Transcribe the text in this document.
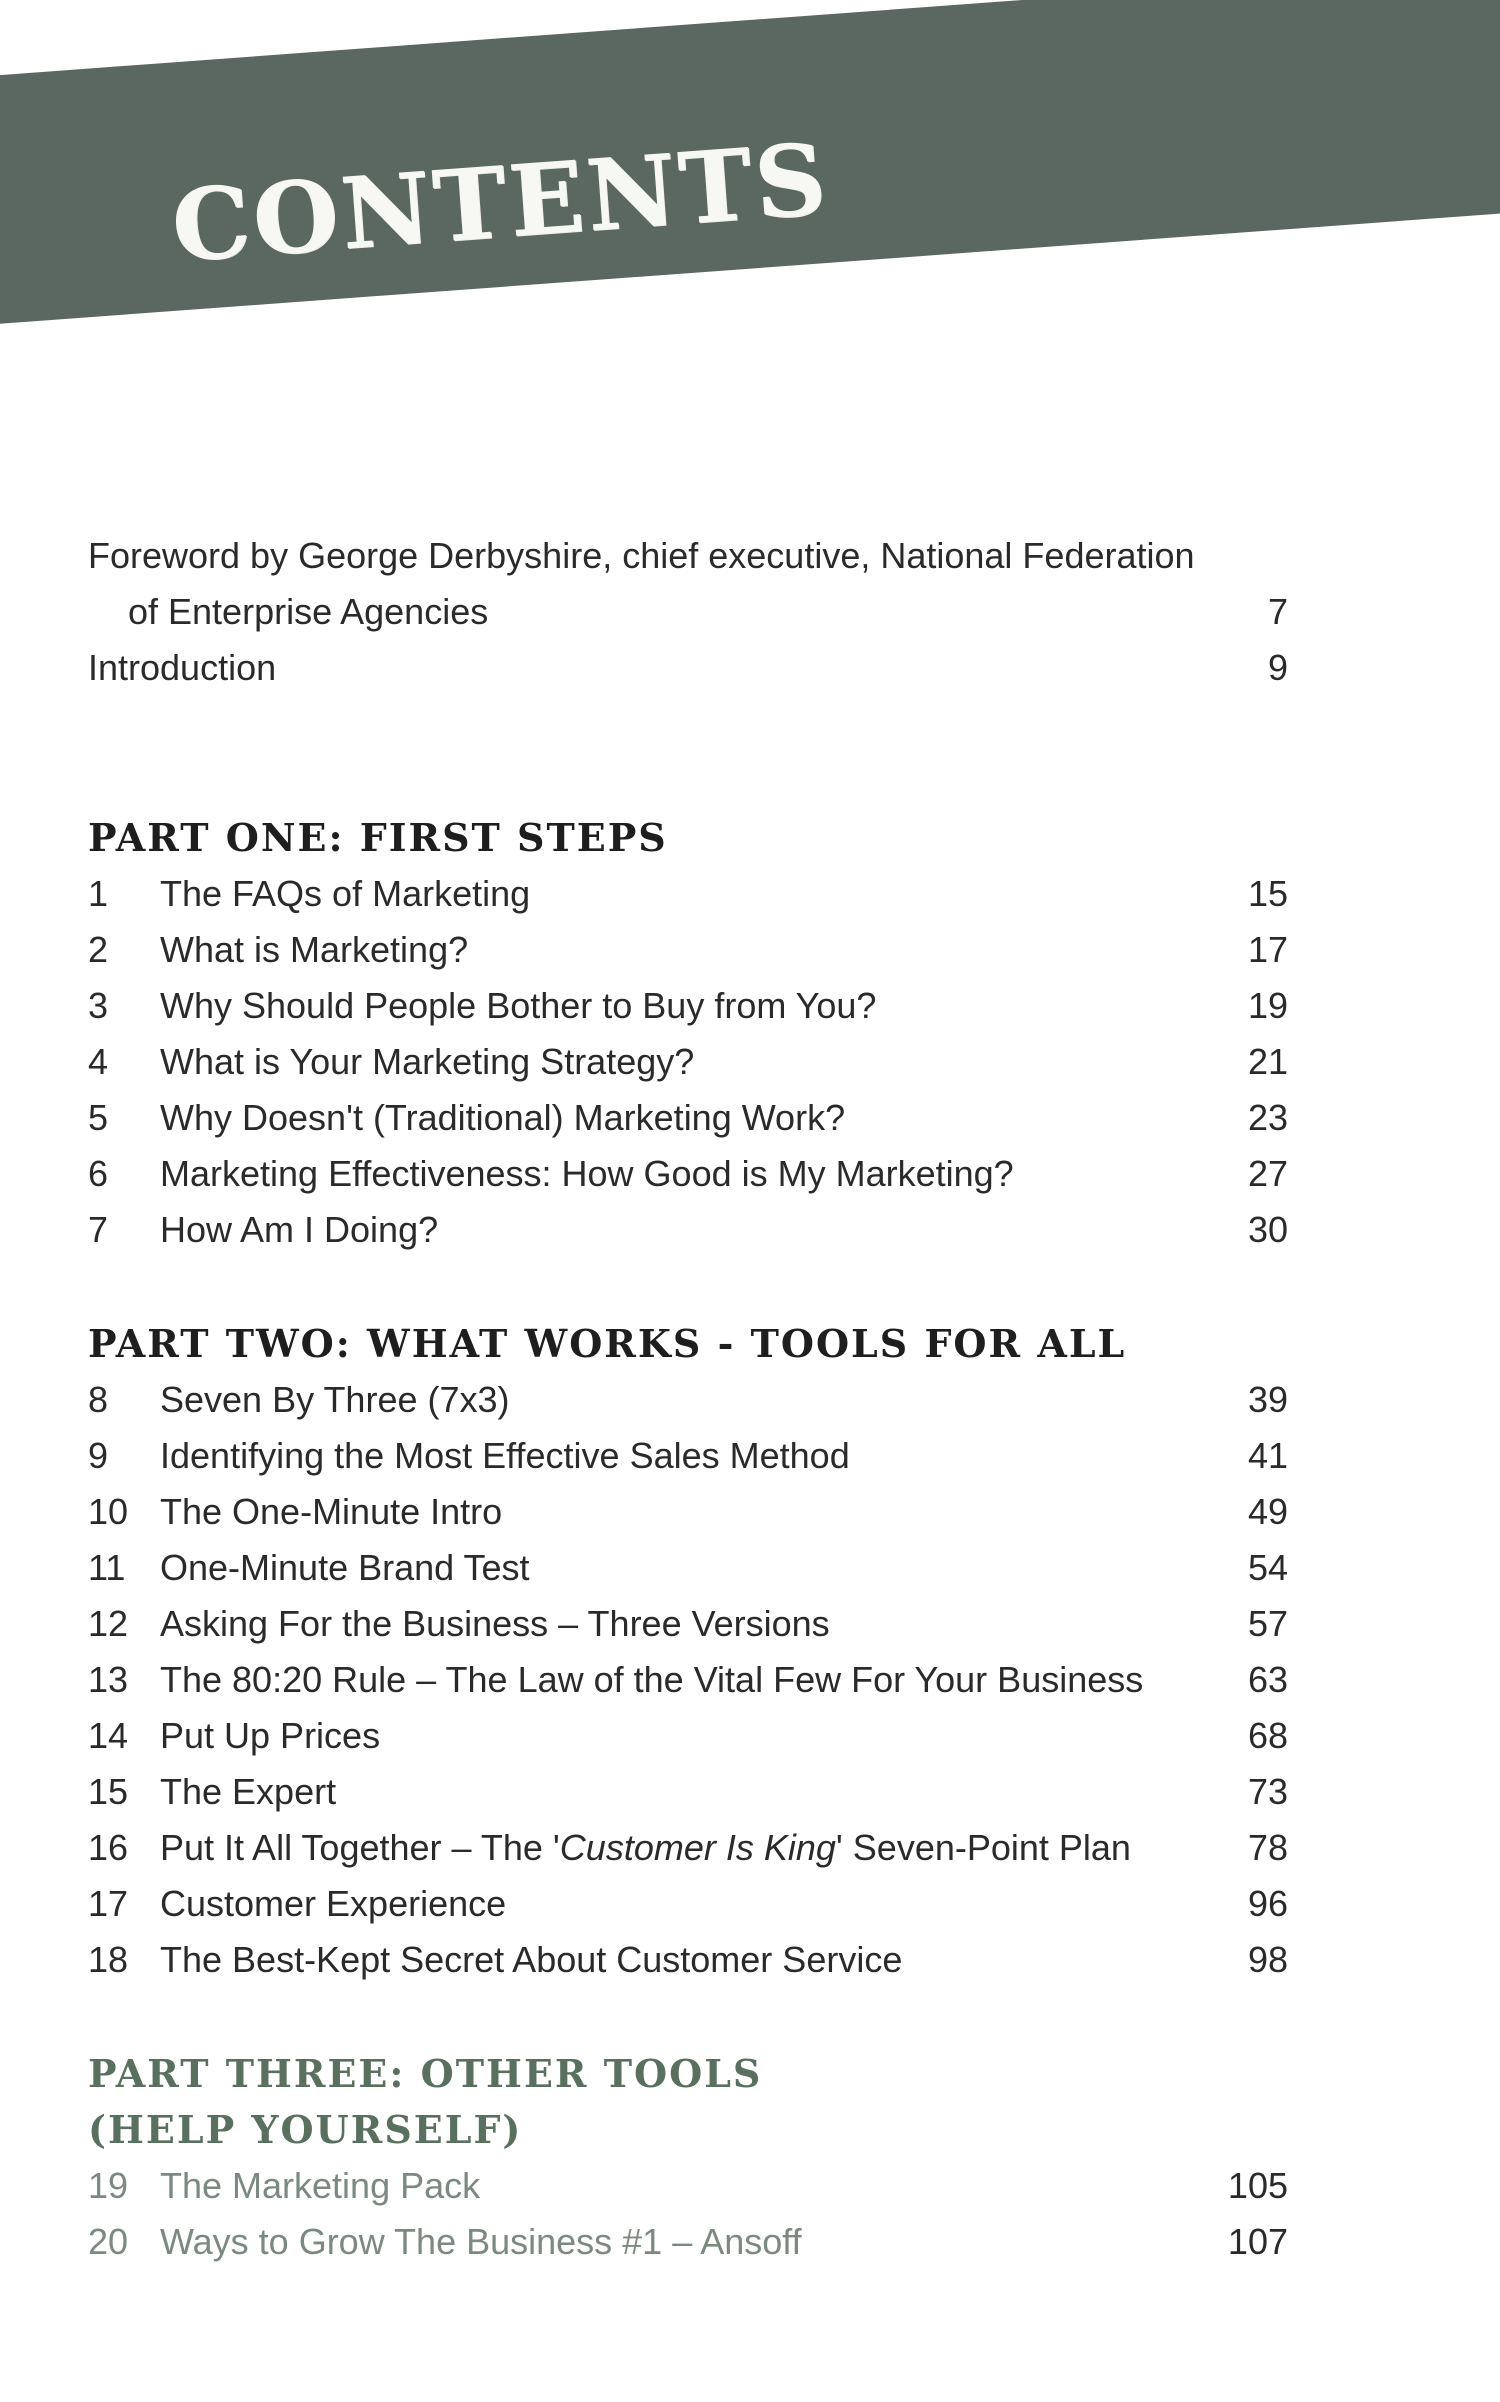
CONTENTS
Foreword by George Derbyshire, chief executive, National Federation
of Enterprise Agencies	7
Introduction	9
PART ONE: FIRST STEPS
1	The FAQs of Marketing	15
2	What is Marketing?	17
3	Why Should People Bother to Buy from You?	19
4	What is Your Marketing Strategy?	21
5	Why Doesn't (Traditional) Marketing Work?	23
6	Marketing Effectiveness: How Good is My Marketing?	27
7	How Am I Doing?	30
PART TWO: WHAT WORKS - TOOLS FOR ALL
8	Seven By Three (7x3)	39
9	Identifying the Most Effective Sales Method	41
10 The One-Minute Intro	49
11 One-Minute Brand Test	54
12 Asking For the Business – Three Versions	57
13 The 80:20 Rule – The Law of the Vital Few For Your Business	63
14 Put Up Prices	68
15 The Expert	73
16 Put It All Together – The 'Customer Is King' Seven-Point Plan	78
17 Customer Experience	96
18 The Best-Kept Secret About Customer Service	98
PART THREE: OTHER TOOLS
(HELP YOURSELF)
19 The Marketing Pack	105
20 Ways to Grow The Business #1 – Ansoff	107
